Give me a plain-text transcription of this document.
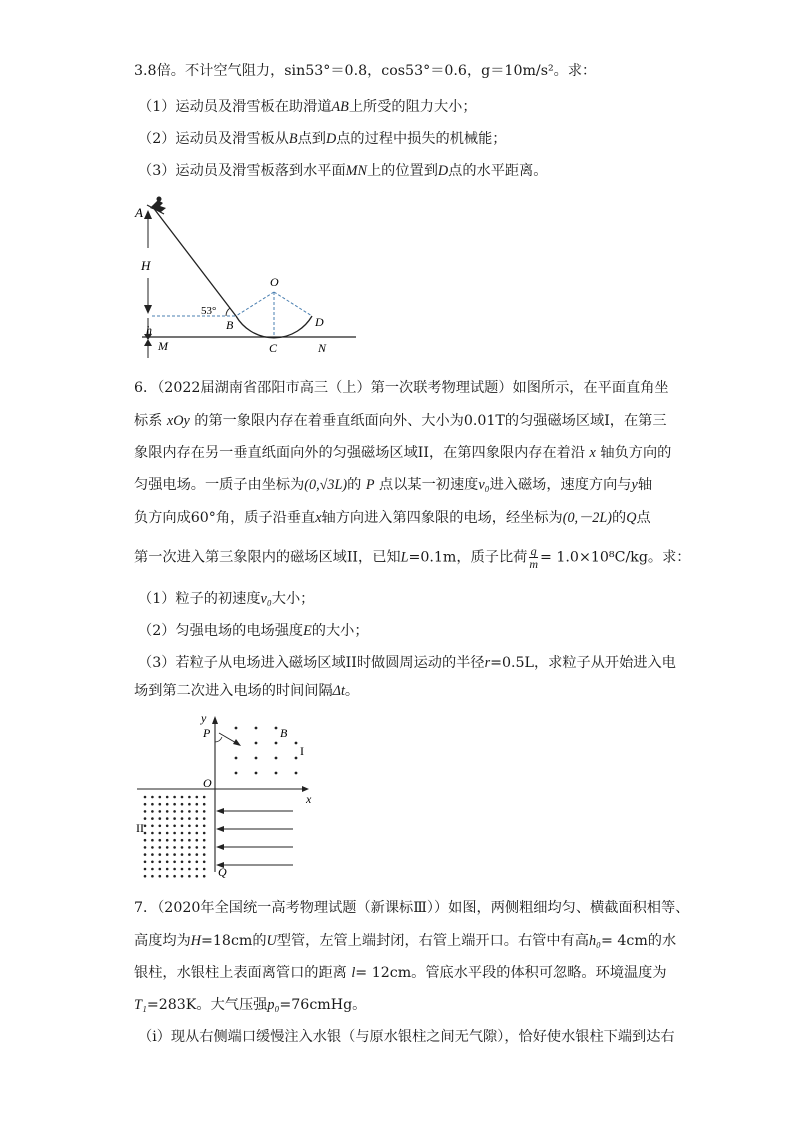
3.8倍。不计空气阻力，sin53°＝0.8，cos53°＝0.6，g＝10m/s²。求：
（1）运动员及滑雪板在助滑道AB上所受的阻力大小；
（2）运动员及滑雪板从B点到D点的过程中损失的机械能；
（3）运动员及滑雪板落到水平面MN上的位置到D点的水平距离。
A
H
O
53°
B	D
h
M	C	N
6．（2022届湖南省邵阳市高三（上）第一次联考物理试题）如图所示，在平面直角坐
标系 xOy 的第一象限内存在着垂直纸面向外、大小为0.01T的匀强磁场区域Ⅰ，在第三
象限内存在另一垂直纸面向外的匀强磁场区域II，在第四象限内存在着沿 x 轴负方向的
匀强电场。一质子由坐标为(0,√3L)的 P 点以某一初速度v₀进入磁场，速度方向与y轴
负方向成60°角，质子沿垂直x轴方向进入第四象限的电场，经坐标为(0,－2L)的Q点
第一次进入第三象限内的磁场区域II，已知L=0.1m，质子比荷 $\frac{q}{m} = 1.0\times 10^8C/kg$。求：
（1）粒子的初速度v₀大小；
（2）匀强电场的电场强度E的大小；
（3）若粒子从电场进入磁场区域II时做圆周运动的半径r=0.5L，求粒子从开始进入电
场到第二次进入电场的时间间隔Δt。
y
P	B
I
O
x
II
Q
7．（2020年全国统一高考物理试题（新课标Ⅲ））如图，两侧粗细均匀、横截面积相等、
高度均为H=18cm的U型管，左管上端封闭，右管上端开口。右管中有高h₀= 4cm的水
银柱，水银柱上表面离管口的距离 l= 12cm。管底水平段的体积可忽略。环境温度为
T₁=283K。大气压强p₀=76cmHg。
（i）现从右侧端口缓慢注入水银（与原水银柱之间无气隙），恰好使水银柱下端到达右
